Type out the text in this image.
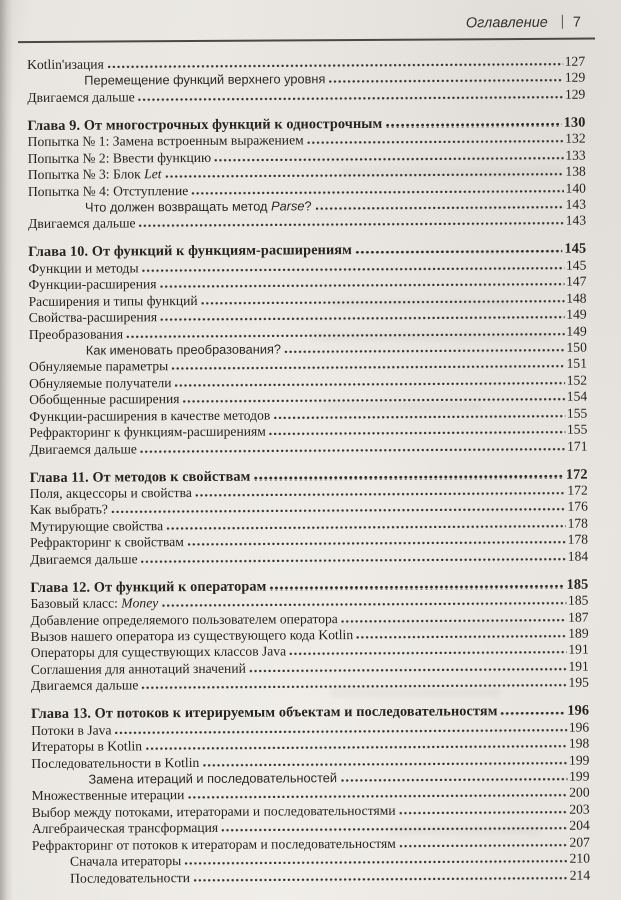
Оглавление 7
Kotlin'изация	127
Перемещение функций верхнего уровня	129
Двигаемся дальше	129
Глава 9. От многострочных функций к однострочным	130
Попытка № 1: Замена встроенным выражением	132
Попытка № 2: Ввести функцию	133
Попытка № 3: Блок Let	138
Попытка № 4: Отступление	140
Что должен возвращать метод Parse?	143
Двигаемся дальше	143
Глава 10. От функций к функциям-расширениям	145
Функции и методы	145
Функции-расширения	147
Расширения и типы функций	148
Свойства-расширения	149
Преобразования	149
Как именовать преобразования?	150
Обнуляемые параметры	151
Обнуляемые получатели	152
Обобщенные расширения	154
Функции-расширения в качестве методов	155
Рефракторинг к функциям-расширениям	155
Двигаемся дальше	171
Глава 11. От методов к свойствам	172
Поля, акцессоры и свойства	172
Как выбрать?	176
Мутирующие свойства	178
Рефракторинг к свойствам	178
Двигаемся дальше	184
Глава 12. От функций к операторам	185
Базовый класс: Money	185
Добавление определяемого пользователем оператора	187
Вызов нашего оператора из существующего кода Kotlin	189
Операторы для существующих классов Java	191
Соглашения для аннотаций значений	191
Двигаемся дальше	195
Глава 13. От потоков к итерируемым объектам и последовательностям	196
Потоки в Java	196
Итераторы в Kotlin	198
Последовательности в Kotlin	199
Замена итераций и последовательностей	199
Множественные итерации	200
Выбор между потоками, итераторами и последовательностями	203
Алгебраическая трансформация	204
Рефракторинг от потоков к итераторам и последовательностям	207
Сначала итераторы	210
Последовательности	214
